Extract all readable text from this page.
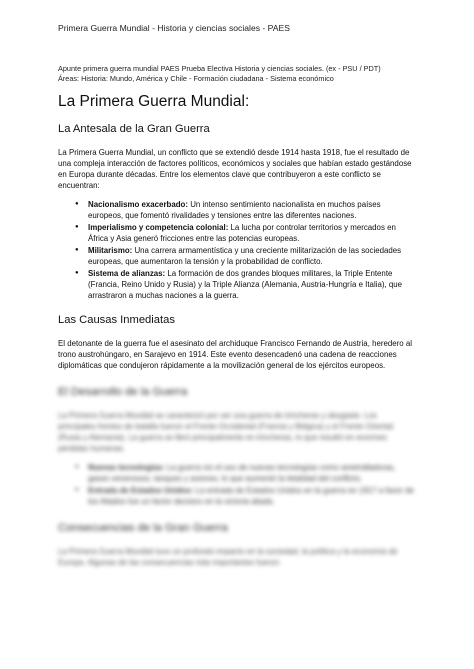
Primera Guerra Mundial - Historia y ciencias sociales - PAES
Apunte primera guerra mundial PAES Prueba Electiva Historia y ciencias sociales. (ex - PSU / PDT)
Áreas: Historia: Mundo, América y Chile - Formación ciudadana - Sistema económico
La Primera Guerra Mundial:
La Antesala de la Gran Guerra

La Primera Guerra Mundial, un conflicto que se extendió desde 1914 hasta 1918, fue el resultado de una compleja interacción de factores políticos, económicos y sociales que habían estado gestándose en Europa durante décadas. Entre los elementos clave que contribuyeron a este conflicto se encuentran:

● Nacionalismo exacerbado: Un intenso sentimiento nacionalista en muchos países europeos, que fomentó rivalidades y tensiones entre las diferentes naciones.
● Imperialismo y competencia colonial: La lucha por controlar territorios y mercados en África y Asia generó fricciones entre las potencias europeas.
● Militarismo: Una carrera armamentística y una creciente militarización de las sociedades europeas, que aumentaron la tensión y la probabilidad de conflicto.
● Sistema de alianzas: La formación de dos grandes bloques militares, la Triple Entente (Francia, Reino Unido y Rusia) y la Triple Alianza (Alemania, Austria-Hungría e Italia), que arrastraron a muchas naciones a la guerra.
Las Causas Inmediatas

El detonante de la guerra fue el asesinato del archiduque Francisco Fernando de Austria, heredero al trono austrohúngaro, en Sarajevo en 1914. Este evento desencadenó una cadena de reacciones diplomáticas que condujeron rápidamente a la movilización general de los ejércitos europeos.

El Desarrollo de la Guerra

La Primera Guerra Mundial se caracterizó por ser una guerra de trincheras y desgaste. Los principales frentes de batalla fueron el Frente Occidental (Francia y Bélgica) y el Frente Oriental (Rusia y Alemania). La guerra se libró principalmente en trincheras, lo que resultó en enormes pérdidas humanas.

● Nuevas tecnologías: La guerra vio el uso de nuevas tecnologías como ametralladoras, gases venenosos, tanques y aviones, lo que aumentó la letalidad del conflicto.
● Entrada de Estados Unidos: La entrada de Estados Unidos en la guerra en 1917 a favor de los Aliados fue un factor decisivo en la victoria aliada.
Consecuencias de la Gran Guerra

La Primera Guerra Mundial tuvo un profundo impacto en la sociedad, la política y la economía de Europa. Algunas de las consecuencias más importantes fueron:
